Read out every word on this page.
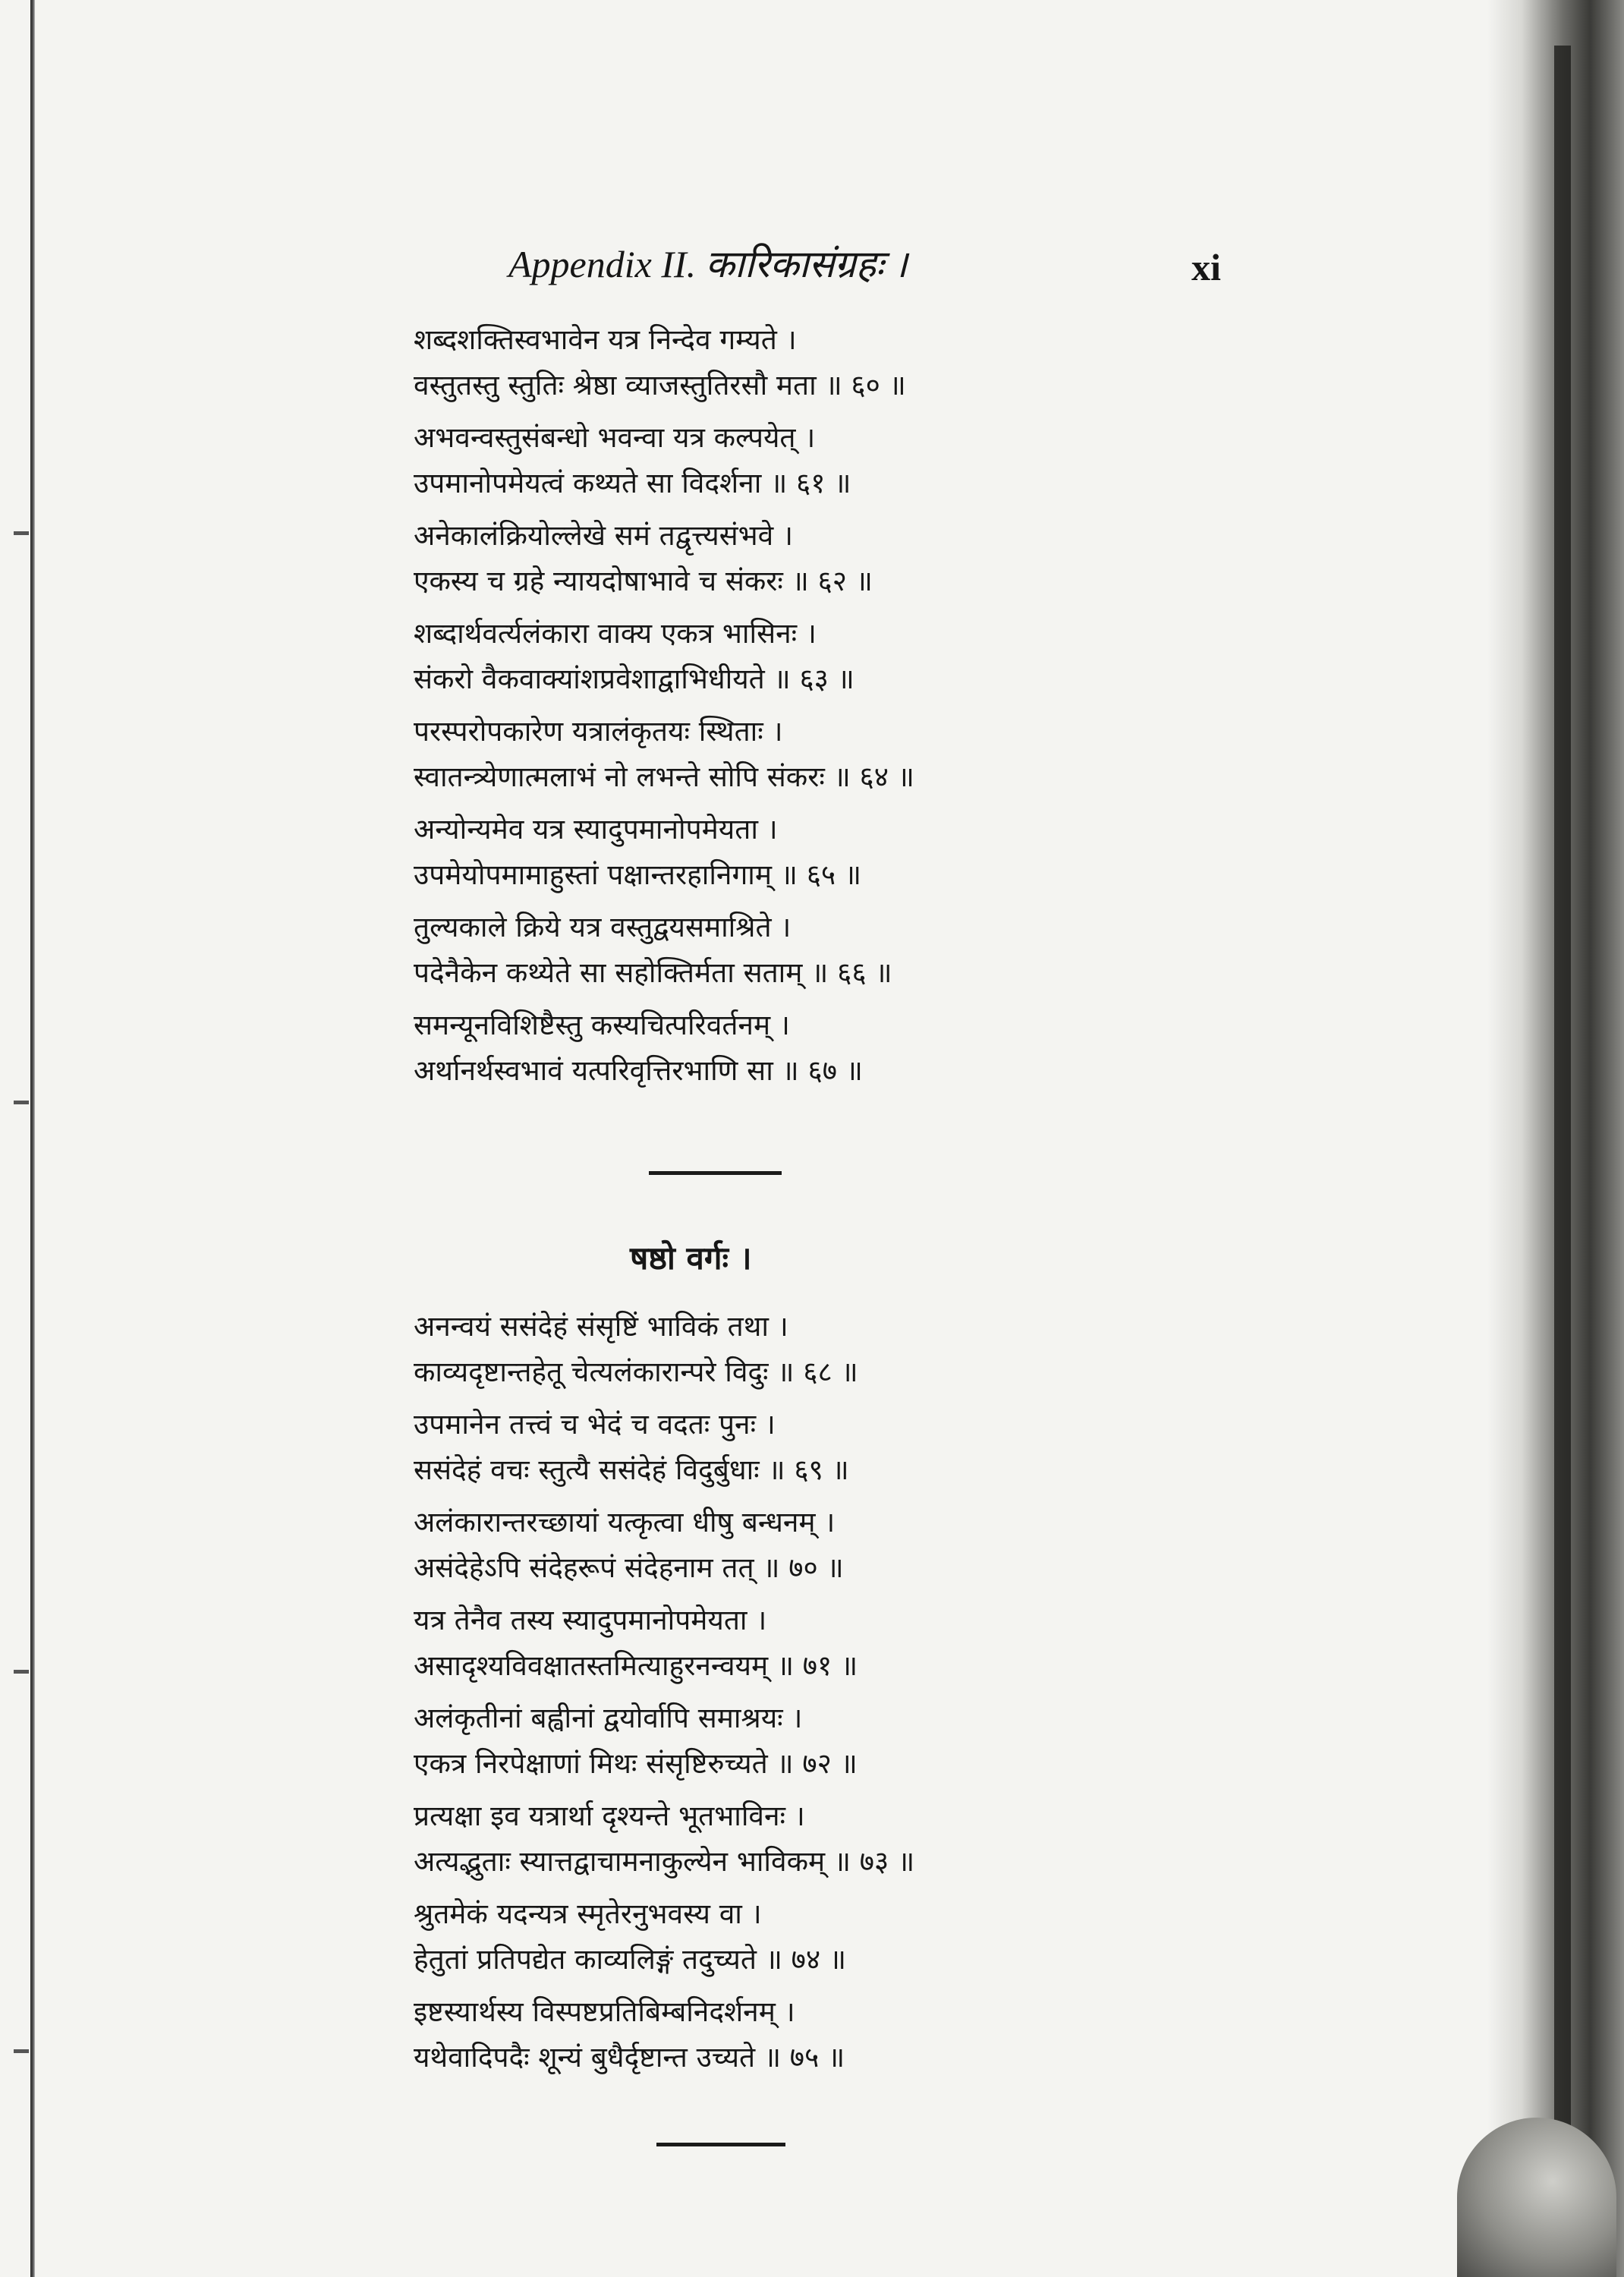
Appendix II. कारिकासंग्रहः ।	xi
शब्दशक्तिस्वभावेन यत्र निन्देव गम्यते ।
वस्तुतस्तु स्तुतिः श्रेष्ठा व्याजस्तुतिरसौ मता ॥ ६० ॥
अभवन्वस्तुसंबन्धो भवन्वा यत्र कल्पयेत् ।
उपमानोपमेयत्वं कथ्यते सा विदर्शना ॥ ६१ ॥
अनेकालंक्रियोल्लेखे समं तद्वृत्त्यसंभवे ।
एकस्य च ग्रहे न्यायदोषाभावे च संकरः ॥ ६२ ॥
शब्दार्थवर्त्यलंकारा वाक्य एकत्र भासिनः ।
संकरो वैकवाक्यांशप्रवेशाद्वाभिधीयते ॥ ६३ ॥
परस्परोपकारेण यत्रालंकृतयः स्थिताः ।
स्वातन्त्र्येणात्मलाभं नो लभन्ते सोपि संकरः ॥ ६४ ॥
अन्योन्यमेव यत्र स्यादुपमानोपमेयता ।
उपमेयोपमामाहुस्तां पक्षान्तरहानिगाम् ॥ ६५ ॥
तुल्यकाले क्रिये यत्र वस्तुद्वयसमाश्रिते ।
पदेनैकेन कथ्येते सा सहोक्तिर्मता सताम् ॥ ६६ ॥
समन्यूनविशिष्टैस्तु कस्यचित्परिवर्तनम् ।
अर्थानर्थस्वभावं यत्परिवृत्तिरभाणि सा ॥ ६७ ॥
षष्ठो वर्गः ।
अनन्वयं ससंदेहं संसृष्टिं भाविकं तथा ।
काव्यदृष्टान्तहेतू चेत्यलंकारान्परे विदुः ॥ ६८ ॥
उपमानेन तत्त्वं च भेदं च वदतः पुनः ।
ससंदेहं वचः स्तुत्यै ससंदेहं विदुर्बुधाः ॥ ६९ ॥
अलंकारान्तरच्छायां यत्कृत्वा धीषु बन्धनम् ।
असंदेहेऽपि संदेहरूपं संदेहनाम तत् ॥ ७० ॥
यत्र तेनैव तस्य स्यादुपमानोपमेयता ।
असादृश्यविवक्षातस्तमित्याहुरनन्वयम् ॥ ७१ ॥
अलंकृतीनां बह्वीनां द्वयोर्वापि समाश्रयः ।
एकत्र निरपेक्षाणां मिथः संसृष्टिरुच्यते ॥ ७२ ॥
प्रत्यक्षा इव यत्रार्था दृश्यन्ते भूतभाविनः ।
अत्यद्भुताः स्यात्तद्वाचामनाकुल्येन भाविकम् ॥ ७३ ॥
श्रुतमेकं यदन्यत्र स्मृतेरनुभवस्य वा ।
हेतुतां प्रतिपद्येत काव्यलिङ्गं तदुच्यते ॥ ७४ ॥
इष्टस्यार्थस्य विस्पष्टप्रतिबिम्बनिदर्शनम् ।
यथेवादिपदैः शून्यं बुधैर्दृष्टान्त उच्यते ॥ ७५ ॥
